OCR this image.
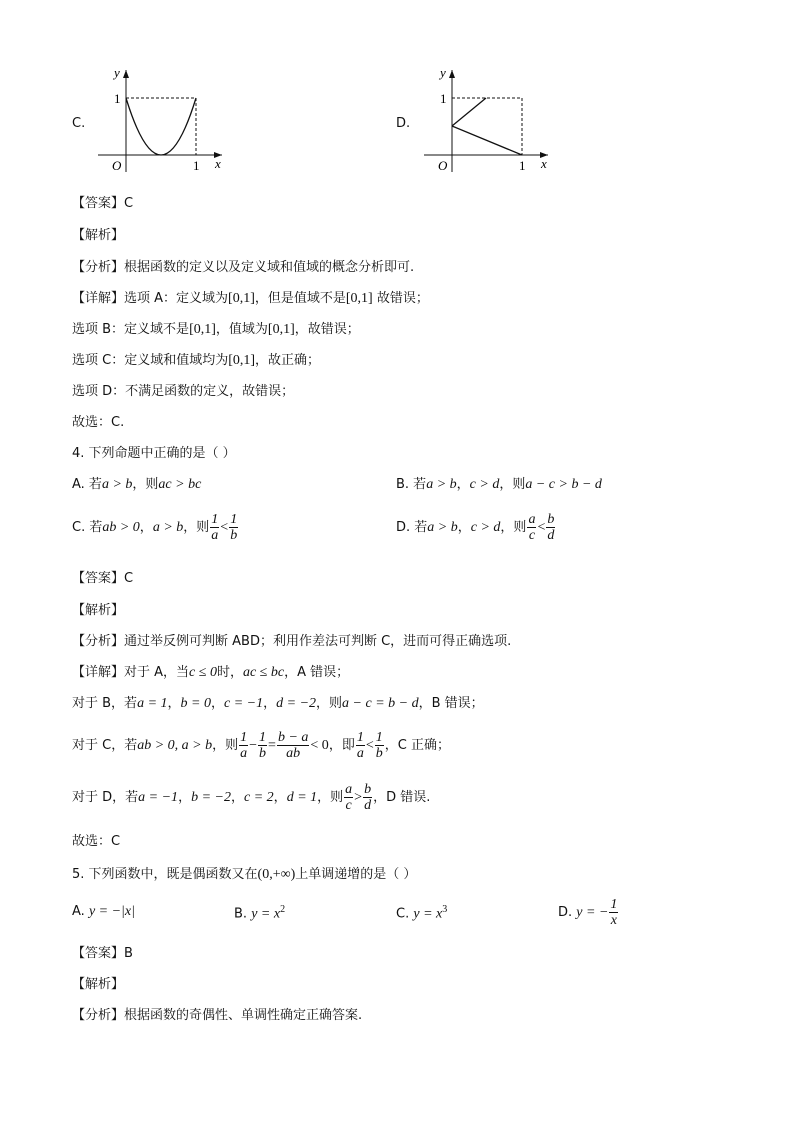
C.
y
1
O	1 x
D.
y
1
O	1 x
【答案】C
【解析】
【分析】根据函数的定义以及定义域和值域的概念分析即可.
【详解】选项 A：定义域为[0,1]，但是值域不是[0,1] 故错误；
选项 B：定义域不是[0,1]，值域为[0,1]，故错误；
选项 C：定义域和值域均为[0,1]，故正确；
选项 D：不满足函数的定义，故错误；
故选：C.
4. 下列命题中正确的是（ ）
A. 若a > b，则ac > bc	B. 若a > b，c > d，则a − c > b − d
C. 若ab > 0，a > b，则 $\frac{1}{a} < \frac{1}{b}$	D. 若a > b，c > d，则 $\frac{a}{c} < \frac{b}{d}$
【答案】C
【解析】
【分析】通过举反例可判断 ABD；利用作差法可判断 C，进而可得正确选项.
【详解】对于 A，当c ≤ 0时，ac ≤ bc，A 错误；
对于 B，若a = 1，b = 0，c = −1，d = −2，则a − c = b − d，B 错误；
对于 C，若ab > 0, a > b，则 $\frac{1}{a} - \frac{1}{b} = \frac{b - a}{ab} < 0$，即 $\frac{1}{a} < \frac{1}{b}$ ，C 正确；
对于 D，若a = −1，b = −2，c = 2，d = 1，则 $\frac{a}{c} > \frac{b}{d}$ ，D 错误.
故选：C
5. 下列函数中，既是偶函数又在(0,+∞)上单调递增的是（ ）
A. y = −|x|	B. $y = x^2$	C. $y = x^3$	D. y = − $\frac{1}{x}$
【答案】B
【解析】
【分析】根据函数的奇偶性、单调性确定正确答案.
